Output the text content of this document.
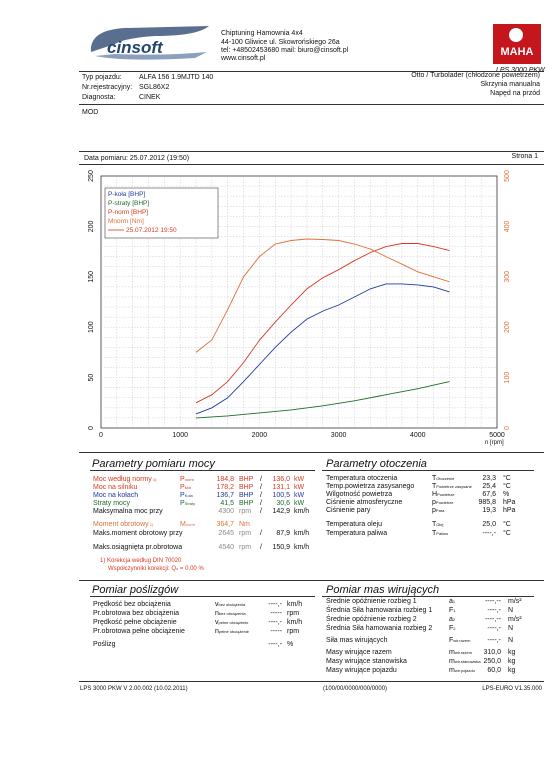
cinsoft
Chiptuning Hamownia 4x4
44-100 Gliwice ul. Skowrońskiego 26a
tel: +48502453680 mail: biuro@cinsoft.pl
www.cinsoft.pl
MAHA
LPS 3000 PKW
Typ pojazdu: ALFA 156 1.9MJTD 140
Nr.rejestracyjny: SGL86X2
Diagnosta:	CINEK
Otto / Turbolader (chłodzone powietrzem)
Skrzynia manualna
Napęd na przód
MOD
Data pomiaru: 25.07.2012 (19:50)	Strona 1
0	1000	2000	3000	4000	5000
n [rpm]
0
50
100
150
200
250
0
100
200
300
400
500
P-koła [BHP]
P-straty [BHP]
P-norm [BHP]
Mnorm [Nm]
25.07.2012 19:50
Parametry pomiaru mocy
Moc według normy 1)	Pnorm	184,8 BHP /	136,0 kW
Moc na silniku	PMot	178,2 BHP /	131,1 kW
Moc na kołach	PKoła	136,7 BHP /	100,5 kW
Straty mocy	PStraty	41,5 BHP /	30,6 kW
Maksymalna moc przy	4300 rpm /	142,9 km/h
Moment obrotowy 1)	Mnorm	364,7 Nm
Maks.moment obrotowy przy	2645 rpm /	87,9 km/h
Maks.osiągnięta pr.obrotowa	4540 rpm /	150,9 km/h
1) Korekcja według DIN 70020
Współczynniki korekcji: Qo = 0,00 %
Parametry otoczenia
Temperatura otoczenia	TOtoczenie	23,3 °C
Temp.powietrza zasysanego	TPowietrze zasysane	25,4 °C
Wilgotność powietrza	HPowietrze	67,6 %
Ciśnienie atmosferyczne	pPowietrze	985,8 hPa
Ciśnienie pary	pPara	19,3 hPa
Temperatura oleju	TOlej	25,0 °C
Temperatura paliwa	TPaliwo	----,- °C
Pomiar poślizgów
Prędkość bez obciążenia	vbez obciążenia	----,- km/h
Pr.obrotowa bez obciążenia	nbez obciążenia	----- rpm
Prędkość pełne obciążenie	vpełne obciążenie	----,- km/h
Pr.obrotowa pełne obciążenie	npełne obciążenie	----- rpm
Poślizg	----,- %
Pomiar mas wirujących
Średnie opóźnienie rozbieg 1	a1	----,-- m/s²
Średnia Siła hamowania rozbieg 1 F1	----,- N
Średnie opóźnienie rozbieg 2	a2	----,-- m/s²
Średnia Siła hamowania rozbieg 2 F2	----,- N
Siła mas wirujących	Fwir.razem	----,- N
Masy wirujące razem	mwir.razem	310,0 kg
Masy wirujące stanowiska	mwir.stanowiska 250,0 kg
Masy wirujące pojazdu	mwir.pojazdu	60,0 kg
LPS 3000 PKW V 2.00.002 (10.02.2011)	(100/00/0000/000/0000)	LPS-EURO V1.35.000
